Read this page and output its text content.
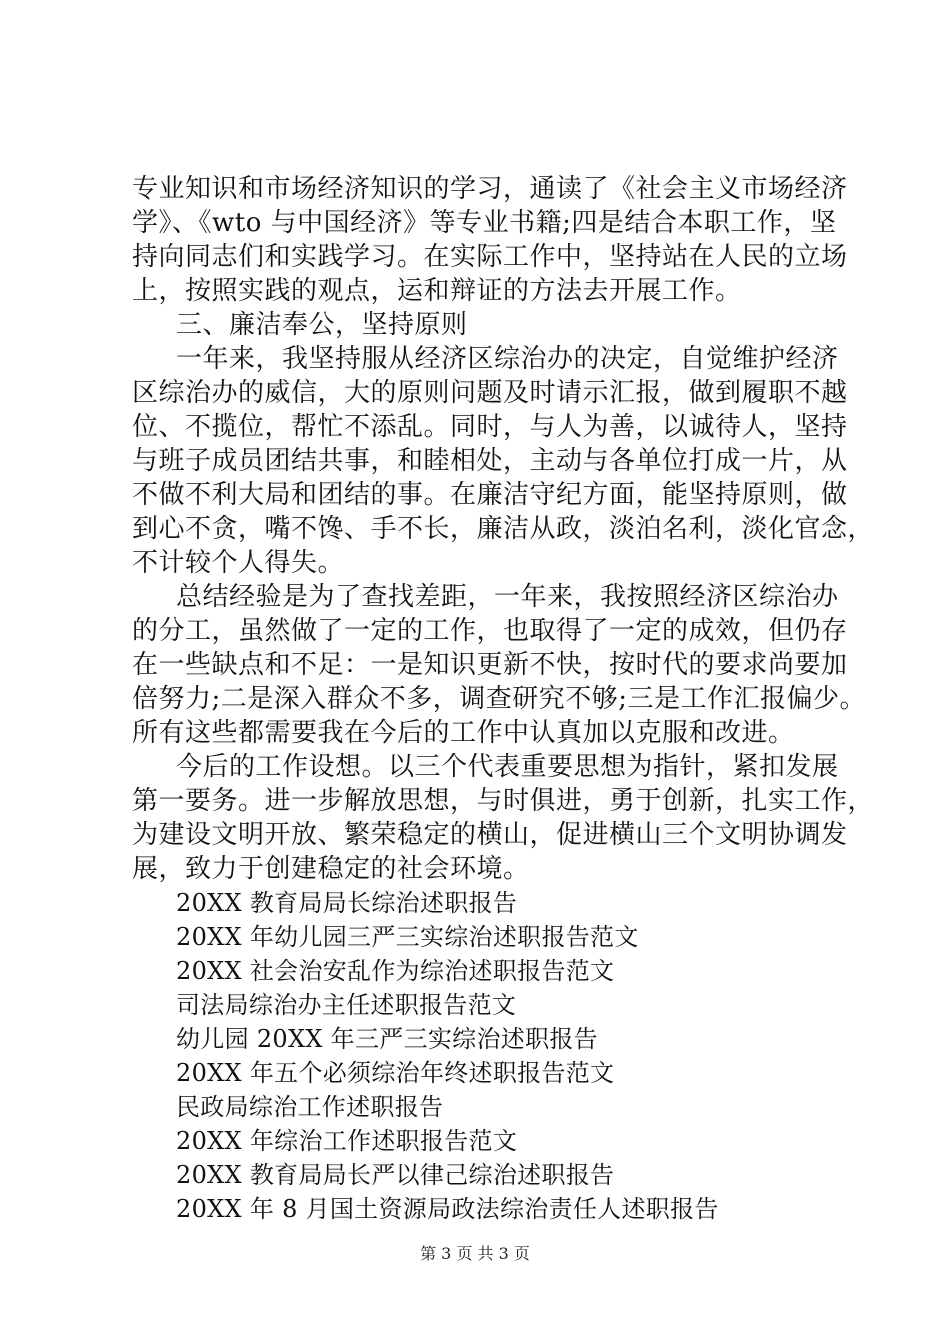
专业知识和市场经济知识的学习，通读了《社会主义市场经济
学》、《wto 与中国经济》等专业书籍;四是结合本职工作，坚
持向同志们和实践学习。在实际工作中，坚持站在人民的立场
上，按照实践的观点，运和辩证的方法去开展工作。
三、廉洁奉公，坚持原则
一年来，我坚持服从经济区综治办的决定，自觉维护经济
区综治办的威信，大的原则问题及时请示汇报，做到履职不越
位、不揽位，帮忙不添乱。同时，与人为善，以诚待人，坚持
与班子成员团结共事，和睦相处，主动与各单位打成一片，从
不做不利大局和团结的事。在廉洁守纪方面，能坚持原则，做
到心不贪，嘴不馋、手不长，廉洁从政，淡泊名利，淡化官念，
不计较个人得失。
总结经验是为了查找差距，一年来，我按照经济区综治办
的分工，虽然做了一定的工作，也取得了一定的成效，但仍存
在一些缺点和不足：一是知识更新不快，按时代的要求尚要加
倍努力;二是深入群众不多，调查研究不够;三是工作汇报偏少。
所有这些都需要我在今后的工作中认真加以克服和改进。
今后的工作设想。以三个代表重要思想为指针，紧扣发展
第一要务。进一步解放思想，与时俱进，勇于创新，扎实工作，
为建设文明开放、繁荣稳定的横山，促进横山三个文明协调发
展，致力于创建稳定的社会环境。
20XX 教育局局长综治述职报告
20XX 年幼儿园三严三实综治述职报告范文
20XX 社会治安乱作为综治述职报告范文
司法局综治办主任述职报告范文
幼儿园 20XX 年三严三实综治述职报告
20XX 年五个必须综治年终述职报告范文
民政局综治工作述职报告
20XX 年综治工作述职报告范文
20XX 教育局局长严以律己综治述职报告
20XX 年 8 月国土资源局政法综治责任人述职报告
第 3 页 共 3 页
